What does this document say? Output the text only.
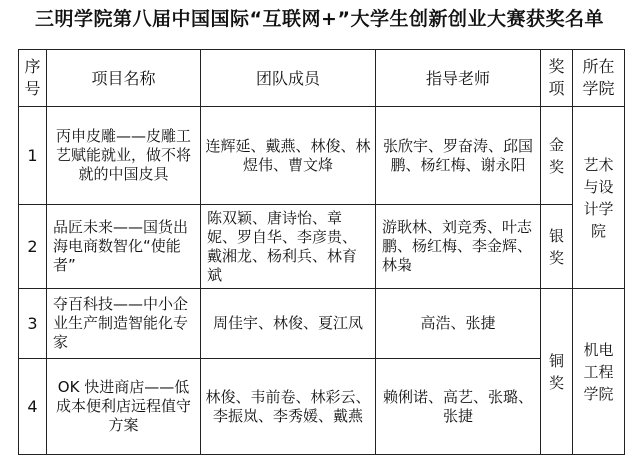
三明学院第八届中国国际“互联网+”大学生创新创业大赛获奖名单
序号	项目名称	团队成员	指导老师	奖项	所在学院
1	丙申皮雕——皮雕工艺赋能就业，做不将就的中国皮具	连辉延、戴燕、林俊、林煜伟、曹文烽	张欣宇、罗奋涛、邱国鹏、杨红梅、谢永阳	金奖	艺术与设计学院
2	品匠未来——国货出海电商数智化“使能者”	陈双颖、唐诗怡、章妮、罗自华、李彦贵、戴湘龙、杨利兵、林育斌	游耿林、刘竞秀、叶志鹏、杨红梅、李金辉、林枭	银奖	
3	夺百科技——中小企业生产制造智能化专家	周佳宇、林俊、夏江凤	高浩、张捷	铜奖	机电工程学院
4	OK 快进商店——低成本便利店远程值守方案	林俊、韦前卷、林彩云、李振岚、李秀媛、戴燕	赖俐诺、高艺、张璐、张捷		
